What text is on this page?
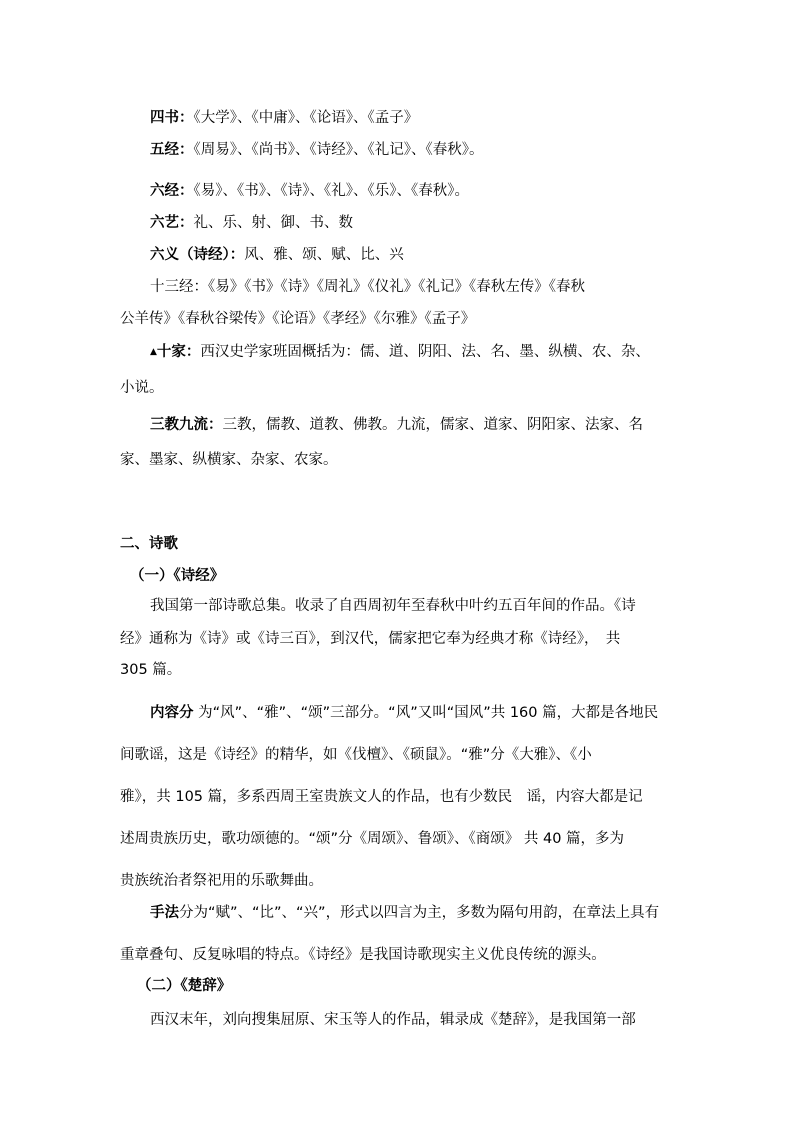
四书：《大学》、《中庸》、《论语》、《孟子》
五经：《周易》、《尚书》、《诗经》、《礼记》、《春秋》。
六经：《易》、《书》、《诗》、《礼》、《乐》、《春秋》。
六艺：礼、乐、射、御、书、数
六义（诗经）：风、雅、颂、赋、比、兴
十三经：《易》《书》《诗》《周礼》《仪礼》《礼记》《春秋左传》《春秋
公羊传》《春秋谷梁传》《论语》《孝经》《尔雅》《孟子》
▲十家：西汉史学家班固概括为：儒、道、阴阳、法、名、墨、纵横、农、杂、
小说。
三教九流：三教，儒教、道教、佛教。九流，儒家、道家、阴阳家、法家、名
家、墨家、纵横家、杂家、农家。
二、诗歌
（一）《诗经》
我国第一部诗歌总集。收录了自西周初年至春秋中叶约五百年间的作品。《诗
经》通称为《诗》或《诗三百》，到汉代，儒家把它奉为经典才称《诗经》，　共
305 篇。
内容分 为“风”、“雅”、“颂”三部分。“风”又叫“国风”共 160 篇，大都是各地民
间歌谣，这是《诗经》的精华，如《伐檀》、《硕鼠》。“雅”分《大雅》、《小
雅》，共 105 篇，多系西周王室贵族文人的作品，也有少数民　谣，内容大都是记
述周贵族历史，歌功颂德的。“颂”分《周颂》、鲁颂》、《商颂》 共 40 篇，多为
贵族统治者祭祀用的乐歌舞曲。
手法分为“赋”、“比”、“兴”，形式以四言为主，多数为隔句用韵，在章法上具有
重章叠句、反复咏唱的特点。《诗经》是我国诗歌现实主义优良传统的源头。
（二）《楚辞》
西汉末年，刘向搜集屈原、宋玉等人的作品，辑录成《楚辞》，是我国第一部
